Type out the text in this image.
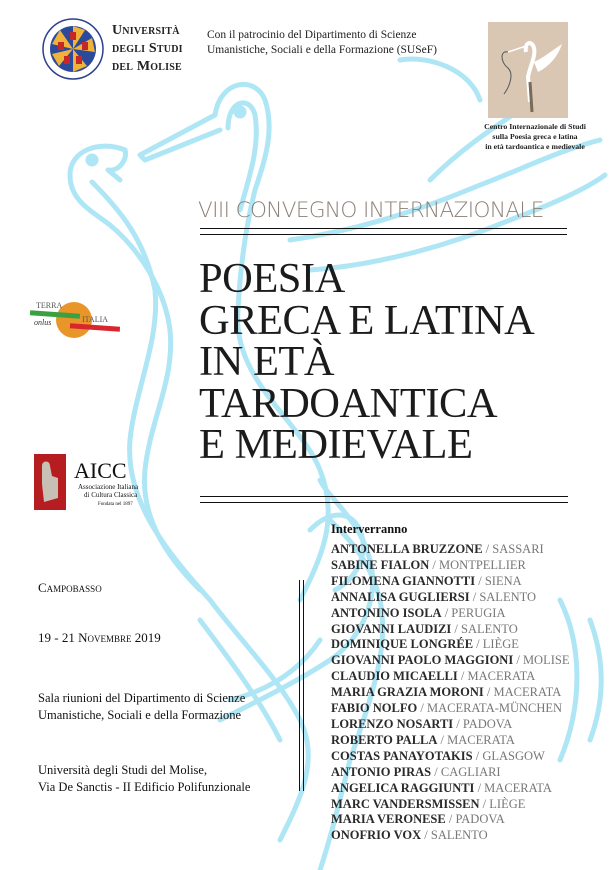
Università
degli Studi
del Molise
Con il patrocinio del Dipartimento di Scienze
Umanistiche, Sociali e della Formazione (SUSeF)
Centro Internazionale di Studi
sulla Poesia greca e latina
in età tardoantica e medievale
VIII CONVEGNO INTERNAZIONALE
POESIA
GRECA E LATINA
IN ETÀ
TARDOANTICA
E MEDIEVALE
TERRA
ITALIA
onlus
AICC
Associazione Italiana
di Cultura Classica
Fondata nel 1897
Campobasso
19 - 21 Novembre 2019
Sala riunioni del Dipartimento di Scienze
Umanistiche, Sociali e della Formazione
Università degli Studi del Molise,
Via De Sanctis - II Edificio Polifunzionale
Interverranno
ANTONELLA BRUZZONE / SASSARI
SABINE FIALON / MONTPELLIER
FILOMENA GIANNOTTI / SIENA
ANNALISA GUGLIERSI / SALENTO
ANTONINO ISOLA / PERUGIA
GIOVANNI LAUDIZI / SALENTO
DOMINIQUE LONGRÉE / LIÈGE
GIOVANNI PAOLO MAGGIONI / MOLISE
CLAUDIO MICAELLI / MACERATA
MARIA GRAZIA MORONI / MACERATA
FABIO NOLFO / MACERATA-MÜNCHEN
LORENZO NOSARTI / PADOVA
ROBERTO PALLA / MACERATA
COSTAS PANAYOTAKIS / GLASGOW
ANTONIO PIRAS / CAGLIARI
ANGELICA RAGGIUNTI / MACERATA
MARC VANDERSMISSEN / LIÈGE
MARIA VERONESE / PADOVA
ONOFRIO VOX / SALENTO
